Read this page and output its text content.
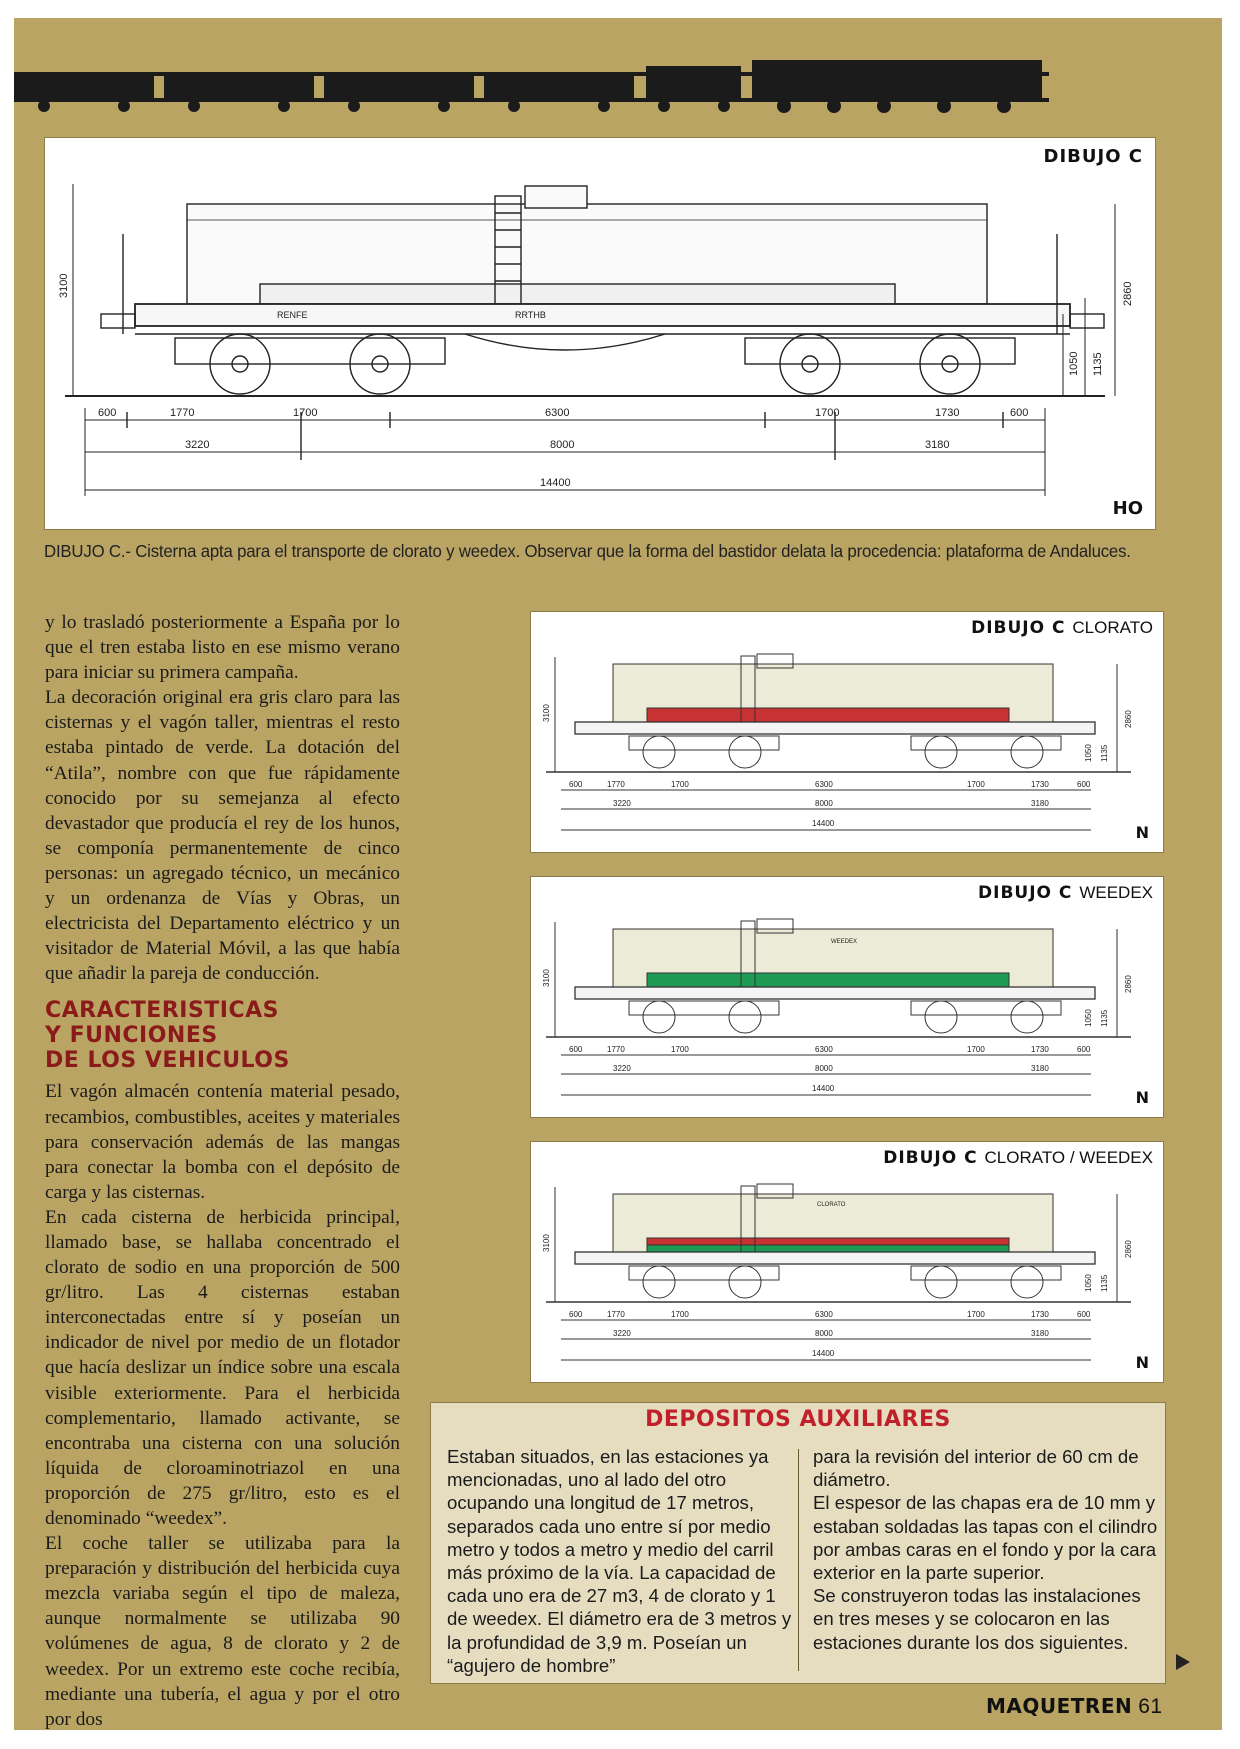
DIBUJO C
RENFE	RRTHB
600	1770	1700	6300	1700	1730	600
3220	8000	3180
14400
3100	2860
1135
1050
HO
DIBUJO C.- Cisterna apta para el transporte de clorato y weedex. Observar que la forma del bastidor delata la procedencia: plataforma de Andaluces.
DIBUJO C CLORATO
600	1770	1700	6300	1700	1730	600
3220	8000	3180
14400
3100	2860
1135
1050
N
DIBUJO C WEEDEX
WEEDEX
600	1770	1700	6300	1700	1730	600
3220	8000	3180
14400
3100	2860
1135
1050
N
DIBUJO C CLORATO / WEEDEX
CLORATO
600	1770	1700	6300	1700	1730	600
3220	8000	3180
14400
3100	2860
1135
1050
N

y lo trasladó posteriormente a España por lo que el tren estaba listo en ese mismo verano para iniciar su primera campaña.

La decoración original era gris claro para las cisternas y el vagón taller, mientras el resto estaba pintado de verde. La dotación del “Atila”, nombre con que fue rápidamente conocido por su semejanza al efecto devastador que producía el rey de los hunos, se componía permanentemente de cinco personas: un agregado técnico, un mecánico y un ordenanza de Vías y Obras, un electricista del Departamento eléctrico y un visitador de Material Móvil, a las que había que añadir la pareja de conducción.

CARACTERISTICAS
Y FUNCIONES
DE LOS VEHICULOS

El vagón almacén contenía material pesado, recambios, combustibles, aceites y materiales para conservación además de las mangas para conectar la bomba con el depósito de carga y las cisternas.

En cada cisterna de herbicida principal, llamado base, se hallaba concentrado el clorato de sodio en una proporción de 500 gr/litro. Las 4 cisternas estaban interconectadas entre sí y poseían un indicador de nivel por medio de un flotador que hacía deslizar un índice sobre una escala visible exteriormente. Para el herbicida complementario, llamado activante, se encontraba una cisterna con una solución líquida de cloroaminotriazol en una proporción de 275 gr/litro, esto es el denominado “weedex”.

El coche taller se utilizaba para la preparación y distribución del herbicida cuya mezcla variaba según el tipo de maleza, aunque normalmente se utilizaba 90 volúmenes de agua, 8 de clorato y 2 de weedex. Por un extremo este coche recibía, mediante una tubería, el agua y por el otro por dos

DEPOSITOS AUXILIARES

Estaban situados, en las estaciones ya mencionadas, uno al lado del otro ocupando una longitud de 17 metros, separados cada uno entre sí por medio metro y todos a metro y medio del carril más próximo de la vía. La capacidad de cada uno era de 27 m3, 4 de clorato y 1 de weedex. El diámetro era de 3 metros y la profundidad de 3,9 m. Poseían un “agujero de hombre”

para la revisión del interior de 60 cm de diámetro.

El espesor de las chapas era de 10 mm y estaban soldadas las tapas con el cilindro por ambas caras en el fondo y por la cara exterior en la parte superior.

Se construyeron todas las instalaciones en tres meses y se colocaron en las estaciones durante los dos siguientes.

MAQUETREN 61
